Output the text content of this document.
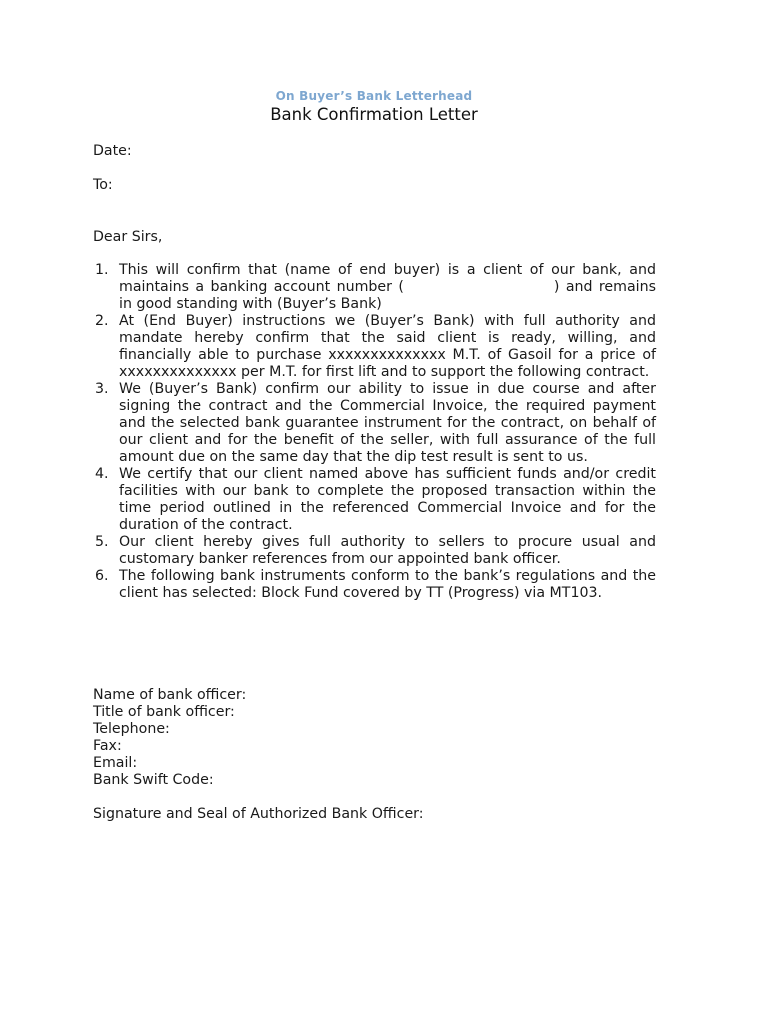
On Buyer’s Bank Letterhead
Bank Confirmation Letter
Date:
To:
Dear Sirs,
1. This will confirm that (name of end buyer) is a client of our bank, and maintains a banking account number (	) and remains in good standing with (Buyer’s Bank)
2. At (End Buyer) instructions we (Buyer’s Bank) with full authority and mandate hereby confirm that the said client is ready, willing, and financially able to purchase xxxxxxxxxxxxxx M.T. of Gasoil for a price of xxxxxxxxxxxxxx per M.T. for first lift and to support the following contract.
3. We (Buyer’s Bank) confirm our ability to issue in due course and after signing the contract and the Commercial Invoice, the required payment and the selected bank guarantee instrument for the contract, on behalf of our client and for the benefit of the seller, with full assurance of the full amount due on the same day that the dip test result is sent to us.
4. We certify that our client named above has sufficient funds and/or credit facilities with our bank to complete the proposed transaction within the time period outlined in the referenced Commercial Invoice and for the duration of the contract.
5. Our client hereby gives full authority to sellers to procure usual and customary banker references from our appointed bank officer.
6. The following bank instruments conform to the bank’s regulations and the client has selected: Block Fund covered by TT (Progress) via MT103.
Name of bank officer:
Title of bank officer:
Telephone:
Fax:
Email:
Bank Swift Code:
Signature and Seal of Authorized Bank Officer:
